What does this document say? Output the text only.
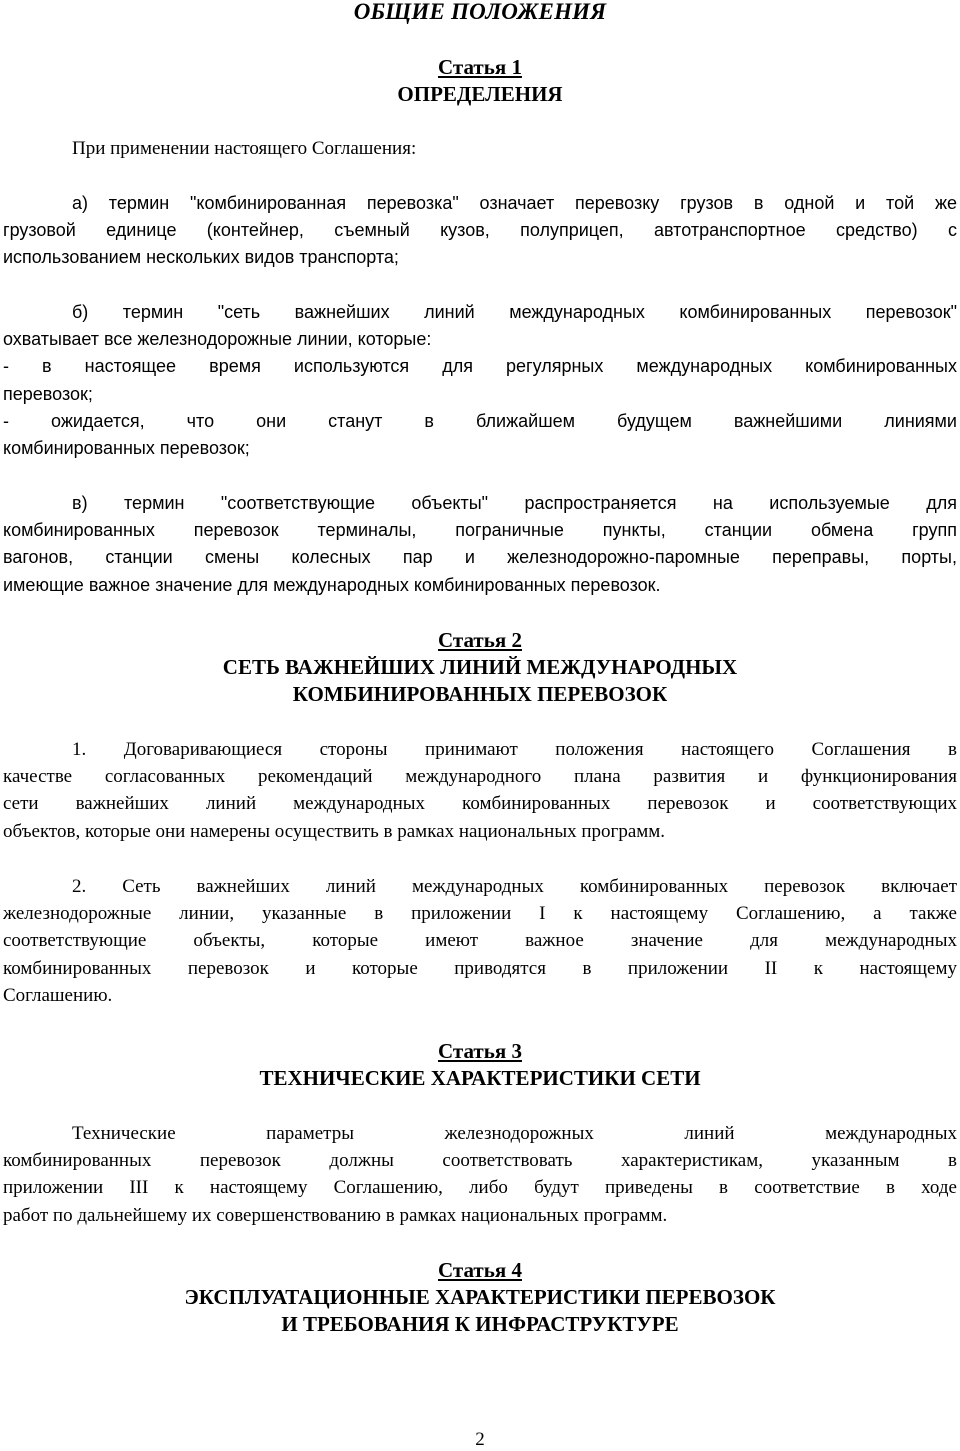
ОБЩИЕ ПОЛОЖЕНИЯ
Статья 1
ОПРЕДЕЛЕНИЯ
При применении настоящего Соглашения:
а) термин "комбинированная перевозка" означает перевозку грузов в одной и той же
грузовой единице (контейнер, съемный кузов, полуприцеп, автотранспортное средство) с
использованием нескольких видов транспорта;
б) термин "сеть важнейших линий международных комбинированных перевозок"
охватывает все железнодорожные линии, которые:
- в настоящее время используются для регулярных международных комбинированных
перевозок;
- ожидается, что они станут в ближайшем будущем важнейшими линиями
комбинированных перевозок;
в) термин "соответствующие объекты" распространяется на используемые для
комбинированных перевозок терминалы, пограничные пункты, станции обмена групп
вагонов, станции смены колесных пар и железнодорожно-паромные переправы, порты,
имеющие важное значение для международных комбинированных перевозок.
Статья 2
СЕТЬ ВАЖНЕЙШИХ ЛИНИЙ МЕЖДУНАРОДНЫХ
КОМБИНИРОВАННЫХ ПЕРЕВОЗОК
1. Договаривающиеся стороны принимают положения настоящего Соглашения в
качестве согласованных рекомендаций международного плана развития и функционирования
сети важнейших линий международных комбинированных перевозок и соответствующих
объектов, которые они намерены осуществить в рамках национальных программ.
2. Сеть важнейших линий международных комбинированных перевозок включает
железнодорожные линии, указанные в приложении I к настоящему Соглашению, а также
соответствующие объекты, которые имеют важное значение для международных
комбинированных перевозок и которые приводятся в приложении II к настоящему
Соглашению.
Статья 3
ТЕХНИЧЕСКИЕ ХАРАКТЕРИСТИКИ СЕТИ
Технические параметры железнодорожных линий международных
комбинированных перевозок должны соответствовать характеристикам, указанным в
приложении III к настоящему Соглашению, либо будут приведены в соответствие в ходе
работ по дальнейшему их совершенствованию в рамках национальных программ.
Статья 4
ЭКСПЛУАТАЦИОННЫЕ ХАРАКТЕРИСТИКИ ПЕРЕВОЗОК
И ТРЕБОВАНИЯ К ИНФРАСТРУКТУРЕ
2
